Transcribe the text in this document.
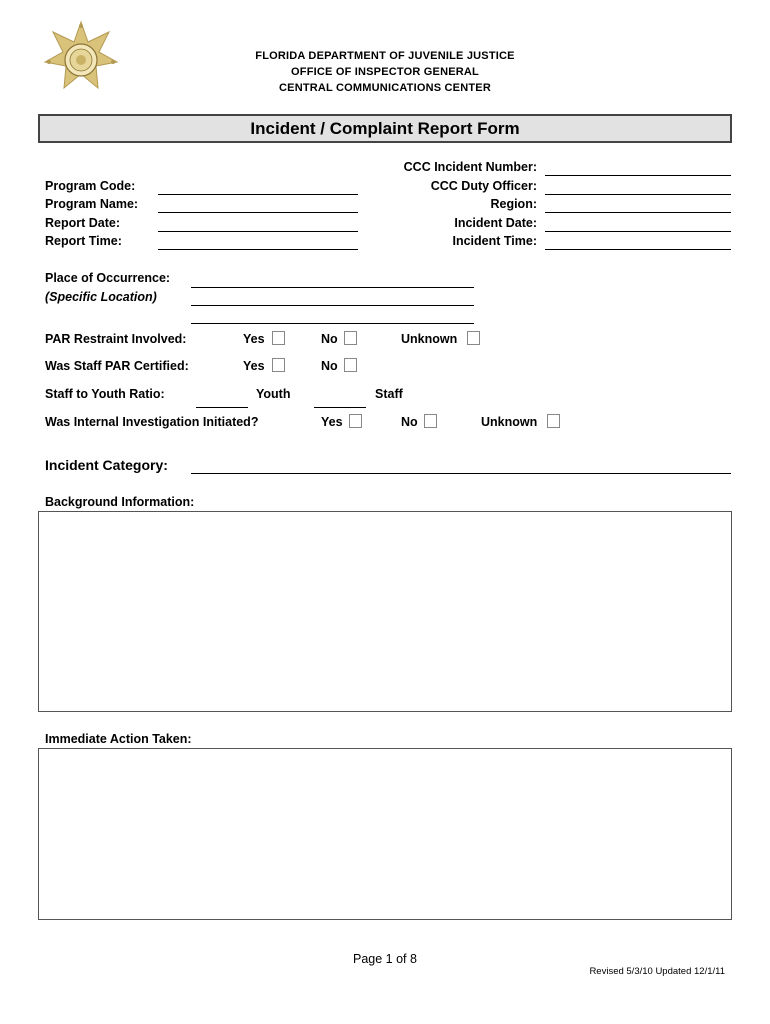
FLORIDA DEPARTMENT OF JUVENILE JUSTICE
OFFICE OF INSPECTOR GENERAL
CENTRAL COMMUNICATIONS CENTER
Incident / Complaint Report Form
CCC Incident Number:
CCC Duty Officer:
Region:
Incident Date:
Incident Time:
Program Code:
Program Name:
Report Date:
Report Time:
Place of Occurrence:
(Specific Location)
PAR Restraint Involved:	Yes	No	Unknown
Was Staff PAR Certified:	Yes	No
Staff to Youth Ratio:	Youth	Staff
Was Internal Investigation Initiated?	Yes	No	Unknown
Incident Category:
Background Information:
Immediate Action Taken:
Page 1 of 8
Revised 5/3/10 Updated 12/1/11
